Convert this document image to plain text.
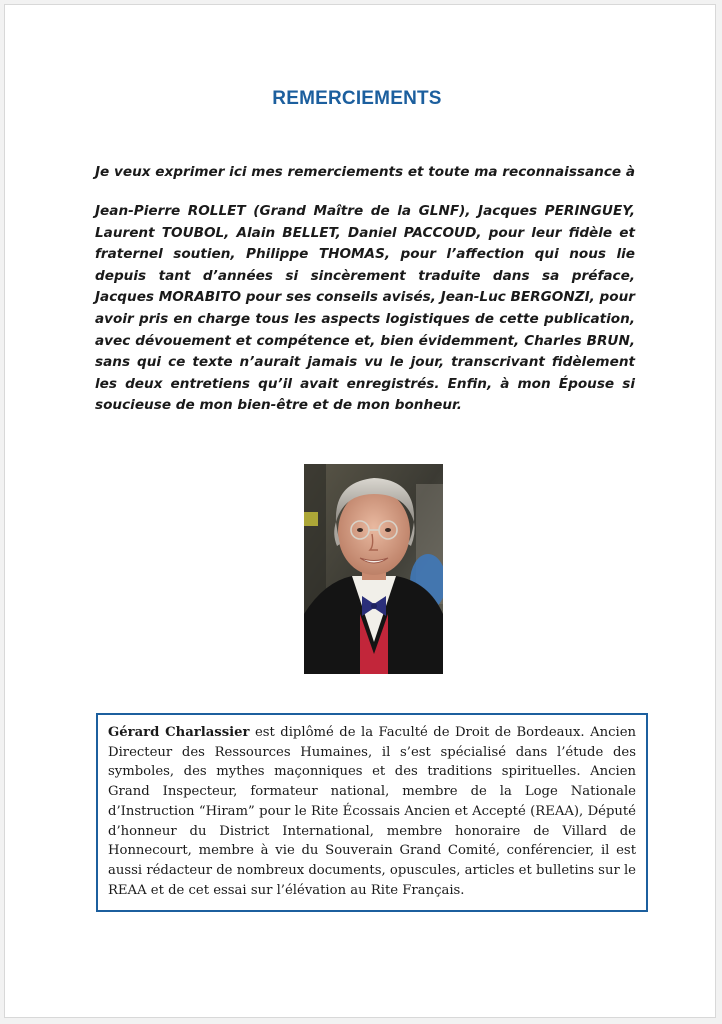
REMERCIEMENTS
Je veux exprimer ici mes remerciements et toute ma reconnaissance à

Jean-Pierre ROLLET (Grand Maître de la GLNF), Jacques PERINGUEY, Laurent TOUBOL, Alain BELLET, Daniel PACCOUD, pour leur fidèle et fraternel soutien, Philippe THOMAS, pour l’affection qui nous lie depuis tant d’années si sincèrement traduite dans sa préface, Jacques MORABITO pour ses conseils avisés, Jean-Luc BERGONZI, pour avoir pris en charge tous les aspects logistiques de cette publication, avec dévouement et compétence et, bien évidemment, Charles BRUN, sans qui ce texte n’aurait jamais vu le jour, transcrivant fidèlement les deux entretiens qu’il avait enregistrés. Enfin, à mon Épouse si soucieuse de mon bien-être et de mon bonheur.

Gérard Charlassier est diplômé de la Faculté de Droit de Bordeaux. Ancien Directeur des Ressources Humaines, il s’est spécialisé dans l’étude des symboles, des mythes maçonniques et des traditions spirituelles. Ancien Grand Inspecteur, formateur national, membre de la Loge Nationale d’Instruction “Hiram” pour le Rite Écossais Ancien et Accepté (REAA), Député d’honneur du District International, membre honoraire de Villard de Honnecourt, membre à vie du Souverain Grand Comité, conférencier, il est aussi rédacteur de nombreux documents, opuscules, articles et bulletins sur le REAA et de cet essai sur l’élévation au Rite Français.
